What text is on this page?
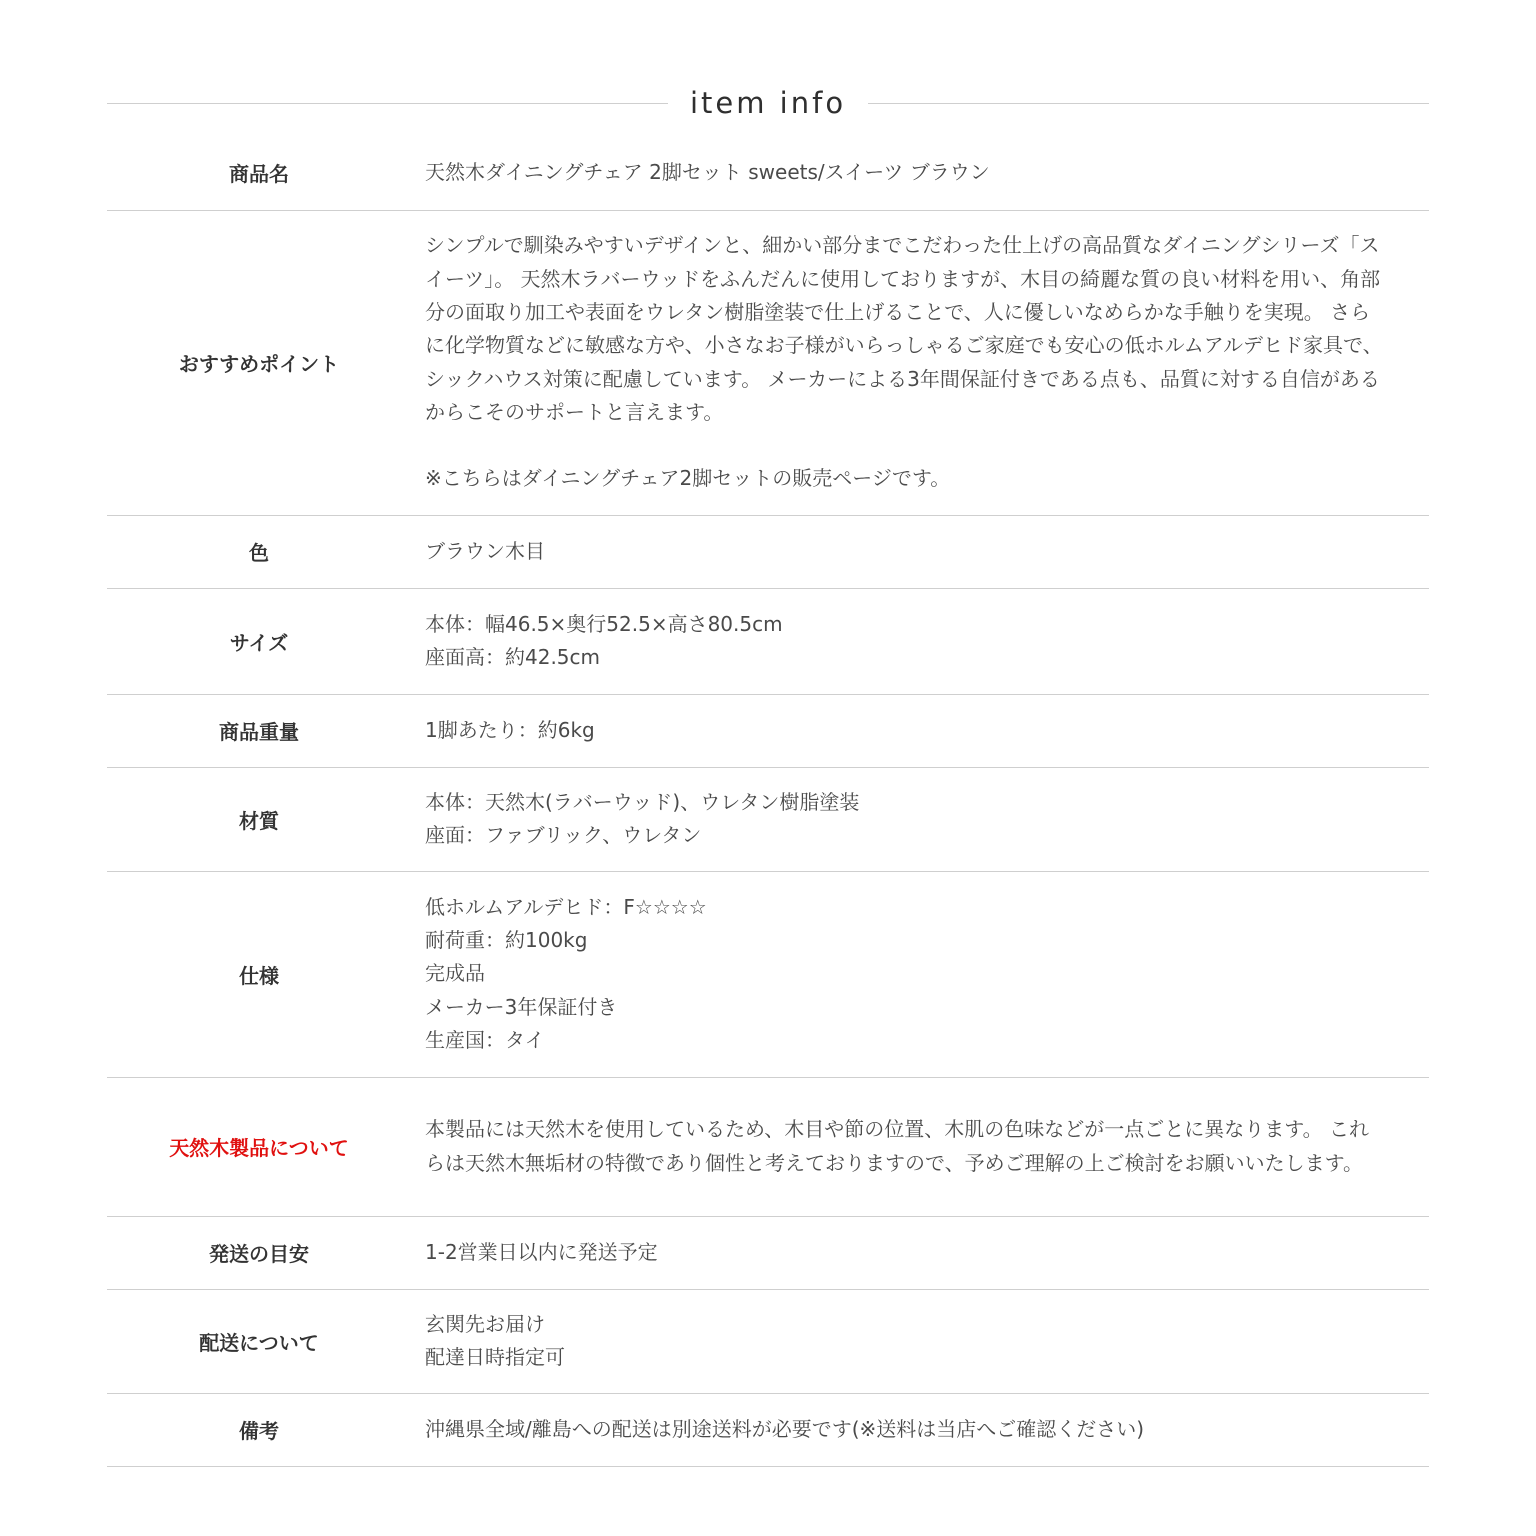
item info
商品名	天然木ダイニングチェア 2脚セット sweets/スイーツ ブラウン

おすすめポイント	シンプルで馴染みやすいデザインと、細かい部分までこだわった仕上げの高品質なダイニングシリーズ「スイーツ」。 天然木ラバーウッドをふんだんに使用しておりますが、木目の綺麗な質の良い材料を用い、角部分の面取り加工や表面をウレタン樹脂塗装で仕上げることで、人に優しいなめらかな手触りを実現。 さらに化学物質などに敏感な方や、小さなお子様がいらっしゃるご家庭でも安心の低ホルムアルデヒド家具で、シックハウス対策に配慮しています。 メーカーによる3年間保証付きである点も、品質に対する自信があるからこそのサポートと言えます。
※こちらはダイニングチェア2脚セットの販売ページです。

色	ブラウン木目

サイズ	本体：幅46.5×奥行52.5×高さ80.5cm
座面高：約42.5cm

商品重量	1脚あたり：約6kg

材質	本体：天然木(ラバーウッド)、ウレタン樹脂塗装
座面：ファブリック、ウレタン

仕様	低ホルムアルデヒド：F☆☆☆☆
耐荷重：約100kg
完成品
メーカー3年保証付き
生産国：タイ

天然木製品について	本製品には天然木を使用しているため、木目や節の位置、木肌の色味などが一点ごとに異なります。 これらは天然木無垢材の特徴であり個性と考えておりますので、予めご理解の上ご検討をお願いいたします。

発送の目安	1-2営業日以内に発送予定

配送について	玄関先お届け
配達日時指定可

備考	沖縄県全域/離島への配送は別途送料が必要です(※送料は当店へご確認ください)
